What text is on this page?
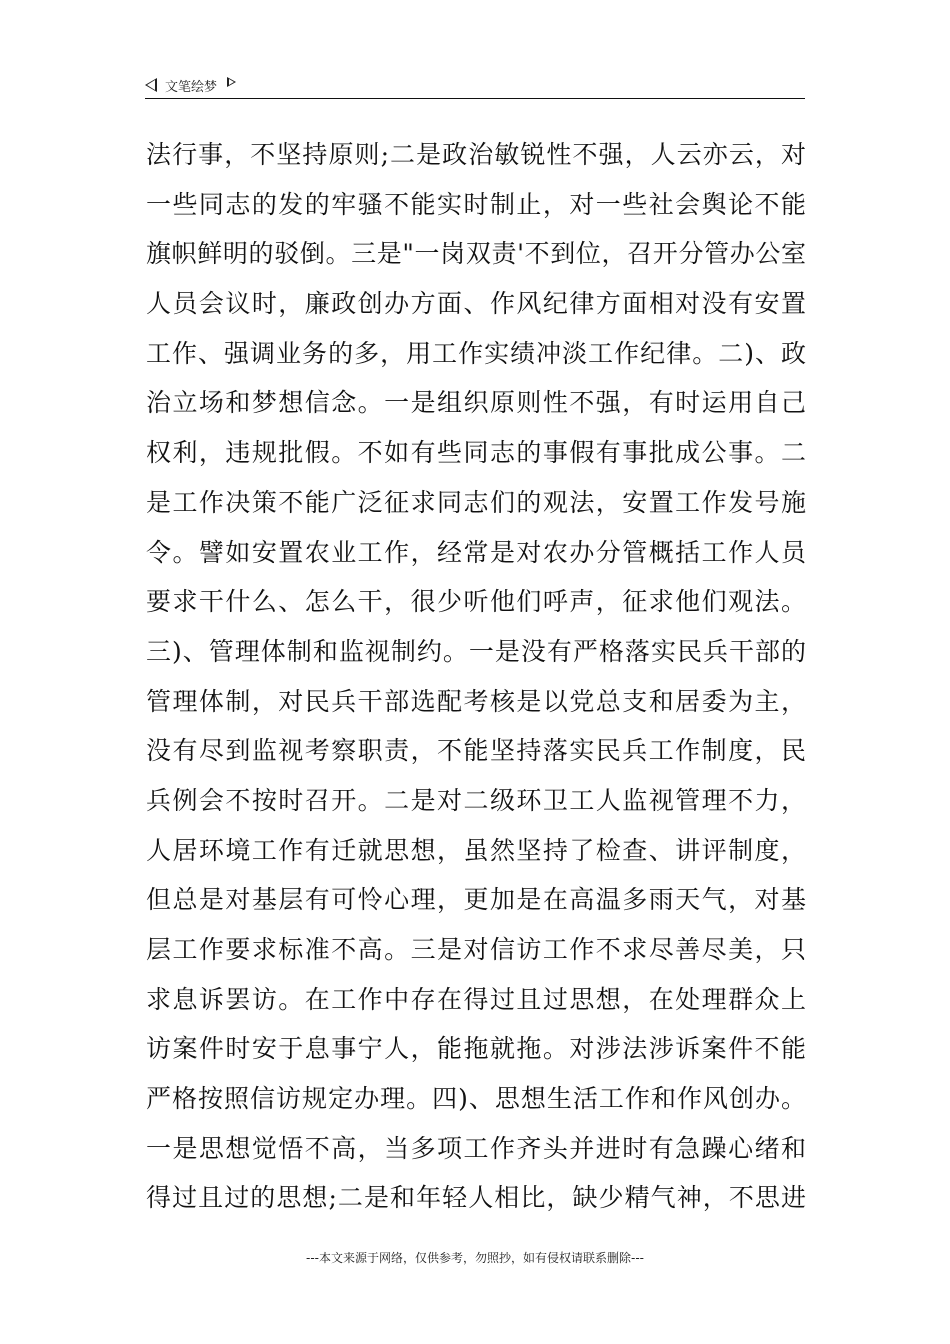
文笔绘梦
法行事，不坚持原则;二是政治敏锐性不强，人云亦云，对
一些同志的发的牢骚不能实时制止，对一些社会舆论不能
旗帜鲜明的驳倒。三是"一岗双责'不到位，召开分管办公室
人员会议时，廉政创办方面、作风纪律方面相对没有安置
工作、强调业务的多，用工作实绩冲淡工作纪律。二)、政
治立场和梦想信念。一是组织原则性不强，有时运用自己
权利，违规批假。不如有些同志的事假有事批成公事。二
是工作决策不能广泛征求同志们的观法，安置工作发号施
令。譬如安置农业工作，经常是对农办分管概括工作人员
要求干什么、怎么干，很少听他们呼声，征求他们观法。
三)、管理体制和监视制约。一是没有严格落实民兵干部的
管理体制，对民兵干部选配考核是以党总支和居委为主，
没有尽到监视考察职责，不能坚持落实民兵工作制度，民
兵例会不按时召开。二是对二级环卫工人监视管理不力，
人居环境工作有迁就思想，虽然坚持了检查、讲评制度，
但总是对基层有可怜心理，更加是在高温多雨天气，对基
层工作要求标准不高。三是对信访工作不求尽善尽美，只
求息诉罢访。在工作中存在得过且过思想，在处理群众上
访案件时安于息事宁人，能拖就拖。对涉法涉诉案件不能
严格按照信访规定办理。四)、思想生活工作和作风创办。
一是思想觉悟不高，当多项工作齐头并进时有急躁心绪和
得过且过的思想;二是和年轻人相比，缺少精气神，不思进
---本文来源于网络，仅供参考，勿照抄，如有侵权请联系删除---
